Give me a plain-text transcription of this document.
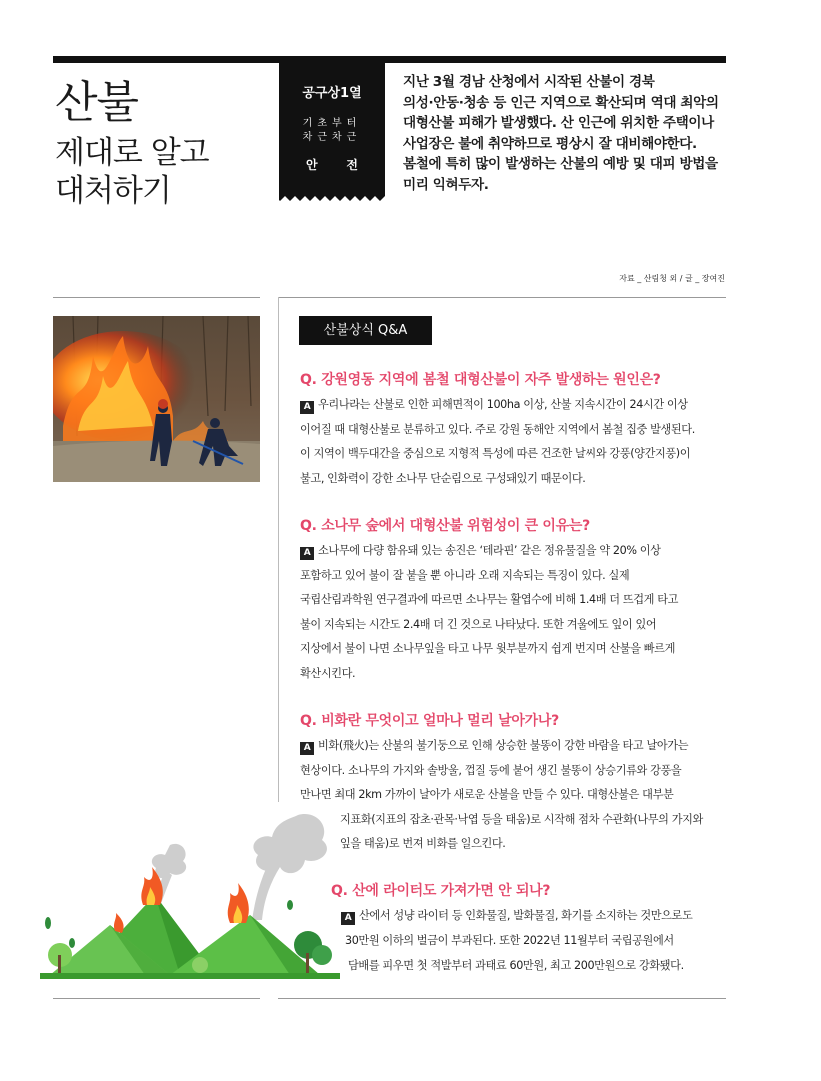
산불
제대로 알고
대처하기
공구상1열
기초부터
차근차근
안 전
지난 3월 경남 산청에서 시작된 산불이 경북
의성·안동·청송 등 인근 지역으로 확산되며 역대 최악의
대형산불 피해가 발생했다. 산 인근에 위치한 주택이나
사업장은 불에 취약하므로 평상시 잘 대비해야한다.
봄철에 특히 많이 발생하는 산불의 예방 및 대피 방법을
미리 익혀두자.
자료 _ 산림청 외 / 글 _ 장여진
산불상식 Q&A
Q. 강원영동 지역에 봄철 대형산불이 자주 발생하는 원인은?
A 우리나라는 산불로 인한 피해면적이 100ha 이상, 산불 지속시간이 24시간 이상
이어질 때 대형산불로 분류하고 있다. 주로 강원 동해안 지역에서 봄철 집중 발생된다.
이 지역이 백두대간을 중심으로 지형적 특성에 따른 건조한 날씨와 강풍(양간지풍)이
불고, 인화력이 강한 소나무 단순림으로 구성돼있기 때문이다.
Q. 소나무 숲에서 대형산불 위험성이 큰 이유는?
A 소나무에 다량 함유돼 있는 송진은 ‘테라핀’ 같은 정유물질을 약 20% 이상
포함하고 있어 불이 잘 붙을 뿐 아니라 오래 지속되는 특징이 있다. 실제
국립산림과학원 연구결과에 따르면 소나무는 활엽수에 비해 1.4배 더 뜨겁게 타고
불이 지속되는 시간도 2.4배 더 긴 것으로 나타났다. 또한 겨울에도 잎이 있어
지상에서 불이 나면 소나무잎을 타고 나무 윗부분까지 쉽게 번지며 산불을 빠르게
확산시킨다.
Q. 비화란 무엇이고 얼마나 멀리 날아가나?
A 비화(飛火)는 산불의 불기둥으로 인해 상승한 불똥이 강한 바람을 타고 날아가는
현상이다. 소나무의 가지와 솔방울, 껍질 등에 붙어 생긴 불똥이 상승기류와 강풍을
만나면 최대 2km 가까이 날아가 새로운 산불을 만들 수 있다. 대형산불은 대부분
지표화(지표의 잡초·관목·낙엽 등을 태움)로 시작해 점차 수관화(나무의 가지와
잎을 태움)로 번져 비화를 일으킨다.
Q. 산에 라이터도 가져가면 안 되나?
A 산에서 성냥 라이터 등 인화물질, 발화물질, 화기를 소지하는 것만으로도
30만원 이하의 벌금이 부과된다. 또한 2022년 11월부터 국립공원에서
담배를 피우면 첫 적발부터 과태료 60만원, 최고 200만원으로 강화됐다.
